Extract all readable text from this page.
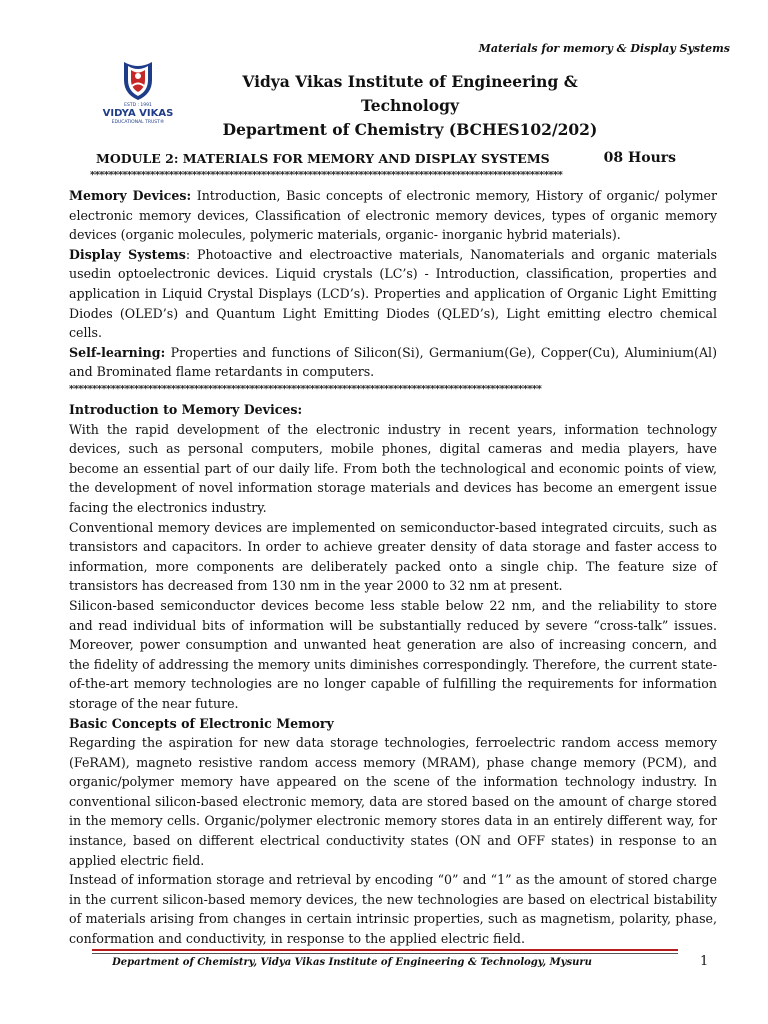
Materials for memory & Display Systems
ESTD : 1991
VIDYA VIKAS
EDUCATIONAL TRUST®
Vidya Vikas Institute of Engineering & Technology
Department of Chemistry (BCHES102/202)
MODULE 2: MATERIALS FOR MEMORY AND DISPLAY SYSTEMS	08 Hours
******************************************************************************************************

Memory Devices: Introduction, Basic concepts of electronic memory, History of organic/ polymer electronic memory devices, Classification of electronic memory devices, types of organic memory devices (organic molecules, polymeric materials, organic- inorganic hybrid materials).

Display Systems: Photoactive and electroactive materials, Nanomaterials and organic materials usedin optoelectronic devices. Liquid crystals (LC’s) - Introduction, classification, properties and application in Liquid Crystal Displays (LCD’s). Properties and application of Organic Light Emitting Diodes (OLED’s) and Quantum Light Emitting Diodes (QLED’s), Light emitting electro chemical cells.

Self-learning: Properties and functions of Silicon(Si), Germanium(Ge), Copper(Cu), Aluminium(Al) and Brominated flame retardants in computers.

******************************************************************************************************

Introduction to Memory Devices:

With the rapid development of the electronic industry in recent years, information technology devices, such as personal computers, mobile phones, digital cameras and media players, have become an essential part of our daily life. From both the technological and economic points of view, the development of novel information storage materials and devices has become an emergent issue facing the electronics industry.

Conventional memory devices are implemented on semiconductor-based integrated circuits, such as transistors and capacitors. In order to achieve greater density of data storage and faster access to information, more components are deliberately packed onto a single chip. The feature size of transistors has decreased from 130 nm in the year 2000 to 32 nm at present.

Silicon-based semiconductor devices become less stable below 22 nm, and the reliability to store and read individual bits of information will be substantially reduced by severe “cross-talk” issues. Moreover, power consumption and unwanted heat generation are also of increasing concern, and the fidelity of addressing the memory units diminishes correspondingly. Therefore, the current state-of-the-art memory technologies are no longer capable of fulfilling the requirements for information storage of the near future.

Basic Concepts of Electronic Memory

Regarding the aspiration for new data storage technologies, ferroelectric random access memory (FeRAM), magneto resistive random access memory (MRAM), phase change memory (PCM), and organic/polymer memory have appeared on the scene of the information technology industry. In conventional silicon-based electronic memory, data are stored based on the amount of charge stored in the memory cells. Organic/polymer electronic memory stores data in an entirely different way, for instance, based on different electrical conductivity states (ON and OFF states) in response to an applied electric field.

Instead of information storage and retrieval by encoding “0” and “1” as the amount of stored charge in the current silicon-based memory devices, the new technologies are based on electrical bistability of materials arising from changes in certain intrinsic properties, such as magnetism, polarity, phase, conformation and conductivity, in response to the applied electric field.

Department of Chemistry, Vidya Vikas Institute of Engineering & Technology, Mysuru	1
